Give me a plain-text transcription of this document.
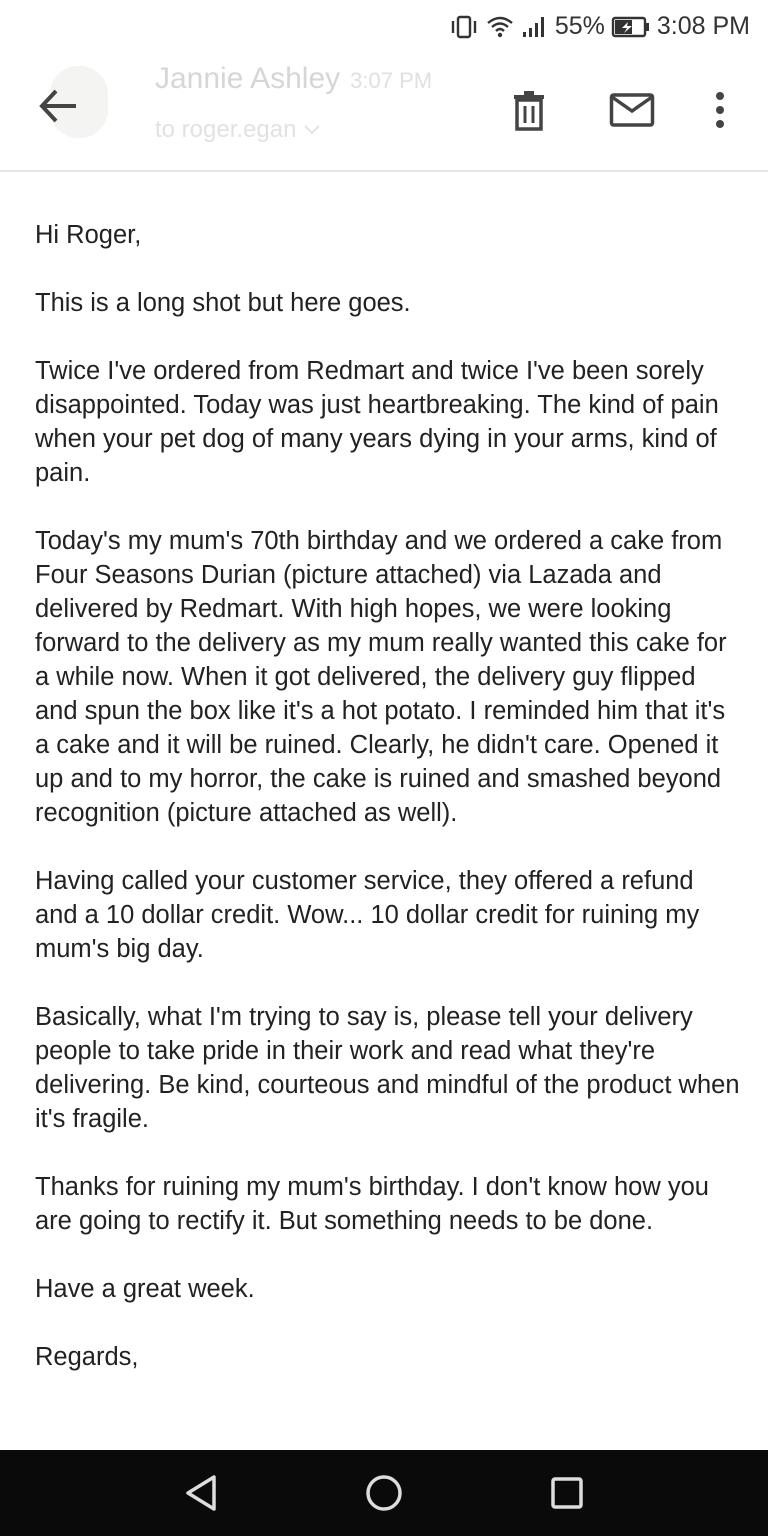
55% 3:08 PM
Jannie Ashley 3:07 PM
to roger.egan

Hi Roger,

This is a long shot but here goes.

Twice I've ordered from Redmart and twice I've been sorely disappointed. Today was just heartbreaking. The kind of pain when your pet dog of many years dying in your arms, kind of pain.

Today's my mum's 70th birthday and we ordered a cake from Four Seasons Durian (picture attached) via Lazada and delivered by Redmart. With high hopes, we were looking forward to the delivery as my mum really wanted this cake for a while now. When it got delivered, the delivery guy flipped and spun the box like it's a hot potato. I reminded him that it's a cake and it will be ruined. Clearly, he didn't care. Opened it up and to my horror, the cake is ruined and smashed beyond recognition (picture attached as well).

Having called your customer service, they offered a refund and a 10 dollar credit. Wow... 10 dollar credit for ruining my mum's big day.

Basically, what I'm trying to say is, please tell your delivery people to take pride in their work and read what they're delivering. Be kind, courteous and mindful of the product when it's fragile.

Thanks for ruining my mum's birthday. I don't know how you are going to rectify it. But something needs to be done.

Have a great week.

Regards,
